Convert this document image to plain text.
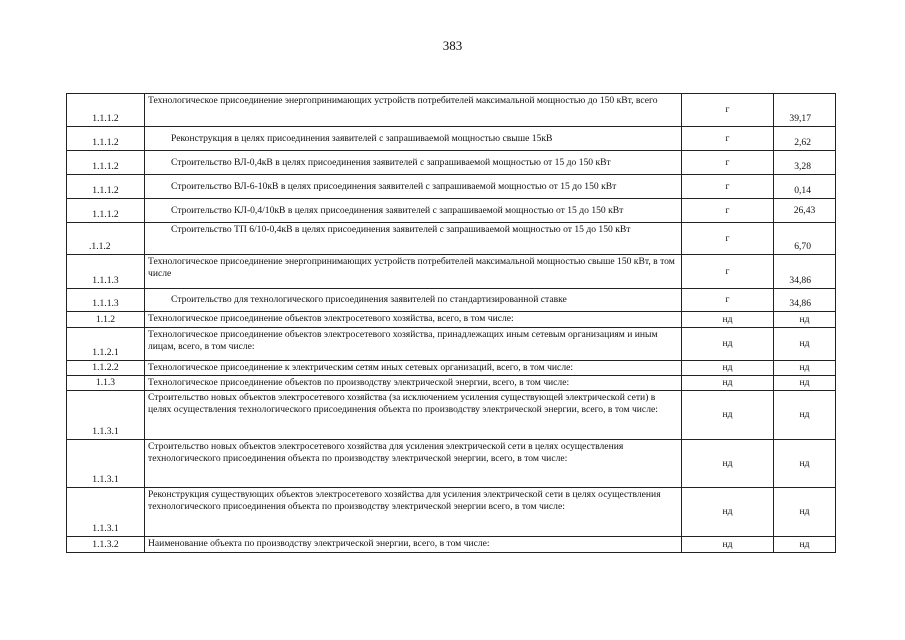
383
1.1.1.2	Технологическое присоединение энергопринимающих устройств потребителей максимальной мощностью до 150 кВт, всего	г	39,17
1.1.1.2	Реконструкция в целях присоединения заявителей с запрашиваемой мощностью свыше 15кВ	г	2,62
1.1.1.2	Строительство ВЛ-0,4кВ в целях присоединения заявителей с запрашиваемой мощностью от 15 до 150 кВт	г	3,28
1.1.1.2	Строительство ВЛ-6-10кВ в целях присоединения заявителей с запрашиваемой мощностью от 15 до 150 кВт	г	0,14
1.1.1.2	Строительство КЛ-0,4/10кВ в целях присоединения заявителей с запрашиваемой мощностью от 15 до 150 кВт	г	26,43
.1.1.2	Строительство ТП 6/10-0,4кВ в целях присоединения заявителей с запрашиваемой мощностью от 15 до 150 кВт	г	6,70
1.1.1.3	Технологическое присоединение энергопринимающих устройств потребителей максимальной мощностью свыше 150 кВт, в том числе	г	34,86
1.1.1.3	Строительство для технологического присоединения заявителей по стандартизированной ставке	г	34,86
1.1.2	Технологическое присоединение объектов электросетевого хозяйства, всего, в том числе:	нд	нд
1.1.2.1	Технологическое присоединение объектов электросетевого хозяйства, принадлежащих иным сетевым организациям и иным лицам, всего, в том числе:	нд	нд
1.1.2.2	Технологическое присоединение к электрическим сетям иных сетевых организаций, всего, в том числе:	нд	нд
1.1.3	Технологическое присоединение объектов по производству электрической энергии, всего, в том числе:	нд	нд
1.1.3.1	Строительство новых объектов электросетевого хозяйства (за исключением усиления существующей электрической сети) в целях осуществления технологического присоединения объекта по производству электрической энергии, всего, в том числе:	нд	нд
1.1.3.1	Строительство новых объектов электросетевого хозяйства для усиления электрической сети в целях осуществления технологического присоединения объекта по производству электрической энергии, всего, в том числе:	нд	нд
1.1.3.1	Реконструкция существующих объектов электросетевого хозяйства для усиления электрической сети в целях осуществления технологического присоединения объекта по производству электрической энергии всего, в том числе:	нд	нд
1.1.3.2	Наименование объекта по производству электрической энергии, всего, в том числе:	нд	нд
